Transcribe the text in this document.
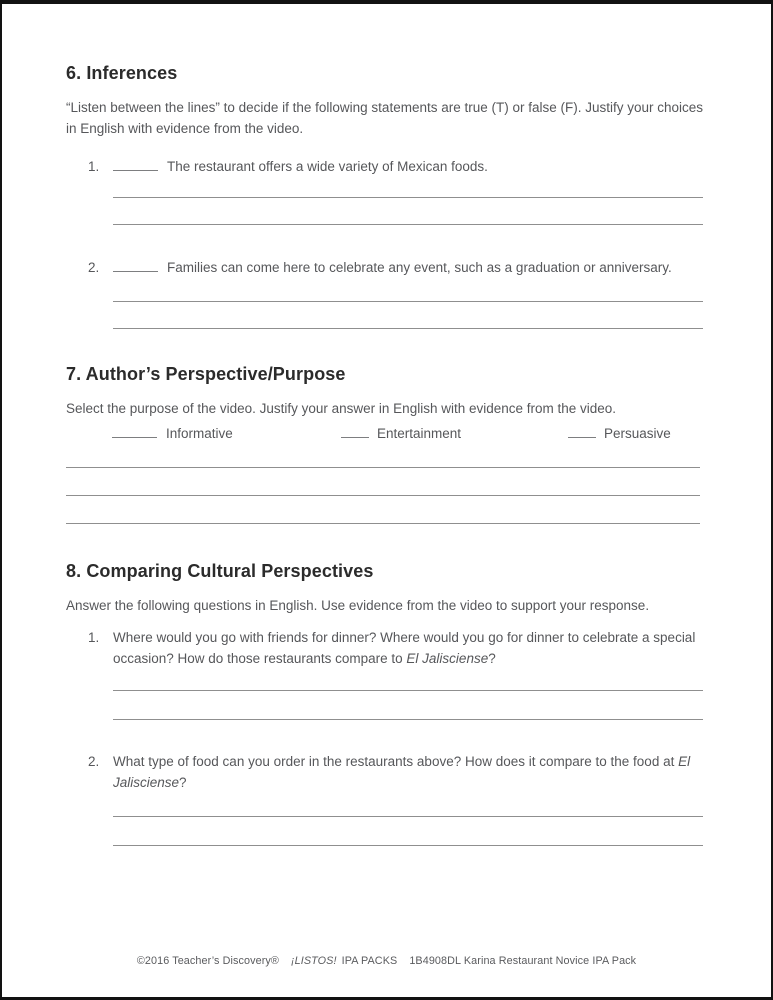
6. Inferences

“Listen between the lines” to decide if the following statements are true (T) or false (F). Justify your choices in English with evidence from the video.

1.	The restaurant offers a wide variety of Mexican foods.
2.	Families can come here to celebrate any event, such as a graduation or anniversary.
7. Author’s Perspective/Purpose

Select the purpose of the video. Justify your answer in English with evidence from the video.

Informative	Entertainment	Persuasive
8. Comparing Cultural Perspectives

Answer the following questions in English. Use evidence from the video to support your response.

1.	Where would you go with friends for dinner? Where would you go for dinner to celebrate a special occasion? How do those restaurants compare to El Jalisciense?
2.	What type of food can you order in the restaurants above? How does it compare to the food at El Jalisciense?
©2016 Teacher’s Discovery® ¡LISTOS! IPA PACKS 1B4908DL Karina Restaurant Novice IPA Pack
